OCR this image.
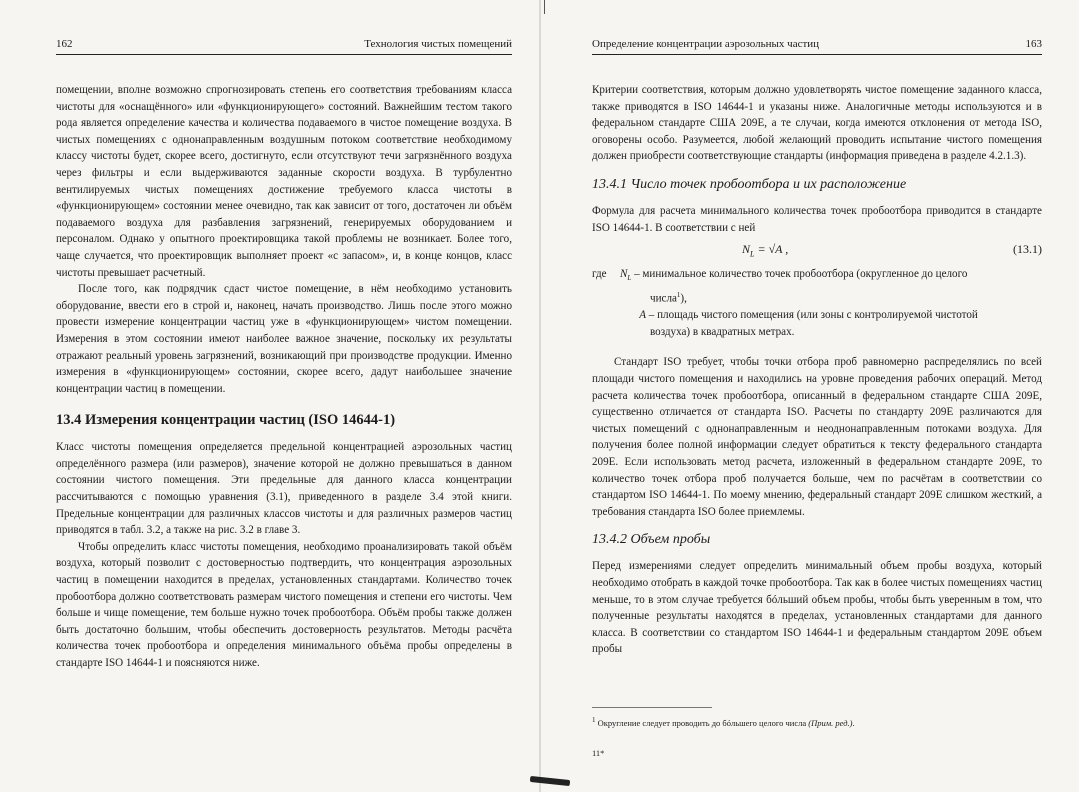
162	Технология чистых помещений

помещении, вполне возможно спрогнозировать степень его соответствия требованиям класса чистоты для «оснащённого» или «функционирующего» состояний. Важнейшим тестом такого рода является определение качества и количества подаваемого в чистое помещение воздуха. В чистых помещениях с однонаправленным воздушным потоком соответствие необходимому классу чистоты будет, скорее всего, достигнуто, если отсутствуют течи загрязнённого воздуха через фильтры и если выдерживаются заданные скорости воздуха. В турбулентно вентилируемых чистых помещениях достижение требуемого класса чистоты в «функционирующем» состоянии менее очевидно, так как зависит от того, достаточен ли объём подаваемого воздуха для разбавления загрязнений, генерируемых оборудованием и персоналом. Однако у опытного проектировщика такой проблемы не возникает. Более того, чаще случается, что проектировщик выполняет проект «с запасом», и, в конце концов, класс чистоты превышает расчетный.

После того, как подрядчик сдаст чистое помещение, в нём необходимо установить оборудование, ввести его в строй и, наконец, начать производство. Лишь после этого можно провести измерение концентрации частиц уже в «функционирующем» чистом помещении. Измерения в этом состоянии имеют наиболее важное значение, поскольку их результаты отражают реальный уровень загрязнений, возникающий при производстве продукции. Именно измерения в «функционирующем» состоянии, скорее всего, дадут наибольшее значение концентрации частиц в помещении.

13.4 Измерения концентрации частиц (ISO 14644-1)

Класс чистоты помещения определяется предельной концентрацией аэрозольных частиц определённого размера (или размеров), значение которой не должно превышаться в данном состоянии чистого помещения. Эти предельные для данного класса концентрации рассчитываются с помощью уравнения (3.1), приведенного в разделе 3.4 этой книги. Предельные концентрации для различных классов чистоты и для различных размеров частиц приводятся в табл. 3.2, а также на рис. 3.2 в главе 3.

Чтобы определить класс чистоты помещения, необходимо проанализировать такой объём воздуха, который позволит с достоверностью подтвердить, что концентрация аэрозольных частиц в помещении находится в пределах, установленных стандартами. Количество точек пробоотбора должно соответствовать размерам чистого помещения и степени его чистоты. Чем больше и чище помещение, тем больше нужно точек пробоотбора. Объём пробы также должен быть достаточно большим, чтобы обеспечить достоверность результатов. Методы расчёта количества точек пробоотбора и определения минимального объёма пробы определены в стандарте ISO 14644-1 и поясняются ниже.

Определение концентрации аэрозольных частиц	163

Критерии соответствия, которым должно удовлетворять чистое помещение заданного класса, также приводятся в ISO 14644-1 и указаны ниже. Аналогичные методы используются и в федеральном стандарте США 209E, а те случаи, когда имеются отклонения от метода ISO, оговорены особо. Разумеется, любой желающий проводить испытание чистого помещения должен приобрести соответствующие стандарты (информация приведена в разделе 4.2.1.3).

13.4.1 Число точек пробоотбора и их расположение

Формула для расчета минимального количества точек пробоотбора приводится в стандарте ISO 14644-1. В соответствии с ней

$N_L = √A$ ,	(13.1)
где $N_L$ – минимальное количество точек пробоотбора (округленное до целого
числа$^1$),
A – площадь чистого помещения (или зоны с контролируемой чистотой
воздуха) в квадратных метрах.

Стандарт ISO требует, чтобы точки отбора проб равномерно распределялись по всей площади чистого помещения и находились на уровне проведения рабочих операций. Метод расчета количества точек пробоотбора, описанный в федеральном стандарте США 209E, существенно отличается от стандарта ISO. Расчеты по стандарту 209E различаются для чистых помещений с однонаправленным и неоднонаправленным потоками воздуха. Для получения более полной информации следует обратиться к тексту федерального стандарта 209E. Если использовать метод расчета, изложенный в федеральном стандарте 209E, то количество точек отбора проб получается больше, чем по расчётам в соответствии со стандартом ISO 14644-1. По моему мнению, федеральный стандарт 209E слишком жесткий, а требования стандарта ISO более приемлемы.

13.4.2 Объем пробы

Перед измерениями следует определить минимальный объем пробы воздуха, который необходимо отобрать в каждой точке пробоотбора. Так как в более чистых помещениях частиц меньше, то в этом случае требуется бóльший объем пробы, чтобы быть уверенным в том, что полученные результаты находятся в пределах, установленных стандартами для данного класса. В соответствии со стандартом ISO 14644-1 и федеральным стандартом 209E объем пробы

$^1$ Округление следует проводить до бóльшего целого числа (Прим. ред.).
11*
